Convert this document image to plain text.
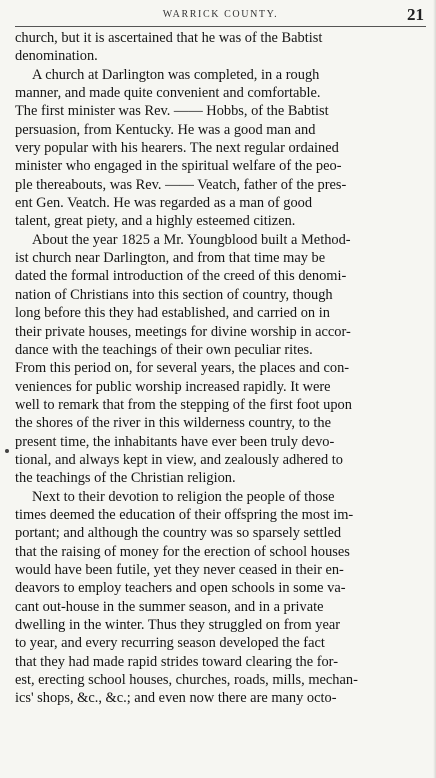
WARRICK COUNTY.	21
church, but it is ascertained that he was of the Babtist
denomination.
A church at Darlington was completed, in a rough
manner, and made quite convenient and comfortable.
The first minister was Rev. —— Hobbs, of the Babtist
persuasion, from Kentucky. He was a good man and
very popular with his hearers. The next regular ordained
minister who engaged in the spiritual welfare of the peo-
ple thereabouts, was Rev. —— Veatch, father of the pres-
ent Gen. Veatch. He was regarded as a man of good
talent, great piety, and a highly esteemed citizen.
About the year 1825 a Mr. Youngblood built a Method-
ist church near Darlington, and from that time may be
dated the formal introduction of the creed of this denomi-
nation of Christians into this section of country, though
long before this they had established, and carried on in
their private houses, meetings for divine worship in accor-
dance with the teachings of their own peculiar rites.
From this period on, for several years, the places and con-
veniences for public worship increased rapidly. It were
well to remark that from the stepping of the first foot upon
the shores of the river in this wilderness country, to the
present time, the inhabitants have ever been truly devo-
tional, and always kept in view, and zealously adhered to
the teachings of the Christian religion.
Next to their devotion to religion the people of those
times deemed the education of their offspring the most im-
portant; and although the country was so sparsely settled
that the raising of money for the erection of school houses
would have been futile, yet they never ceased in their en-
deavors to employ teachers and open schools in some va-
cant out-house in the summer season, and in a private
dwelling in the winter. Thus they struggled on from year
to year, and every recurring season developed the fact
that they had made rapid strides toward clearing the for-
est, erecting school houses, churches, roads, mills, mechan-
ics' shops, &c., &c.; and even now there are many octo-
